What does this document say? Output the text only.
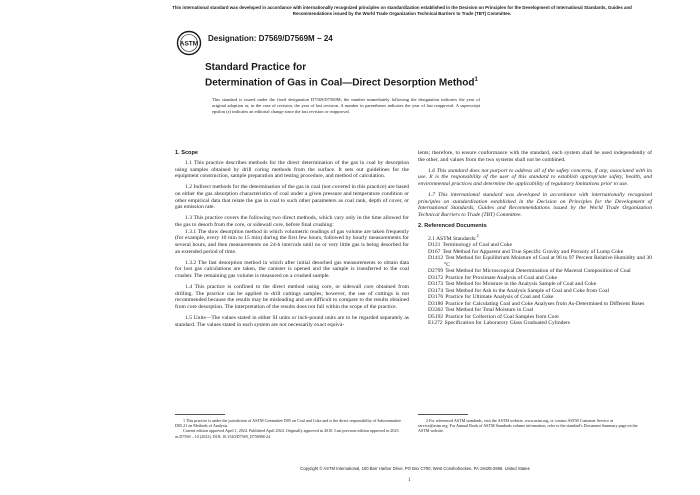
This international standard was developed in accordance with internationally recognized principles on standardization established in the Decision on Principles for the Development of International Standards, Guides and Recommendations issued by the World Trade Organization Technical Barriers to Trade (TBT) Committee.
ASTM
Designation: D7569/D7569M − 24
Standard Practice for
Determination of Gas in Coal—Direct Desorption Method$^1$
This standard is issued under the fixed designation D7569/D7569M; the number immediately following the designation indicates the year of original adoption or, in the case of revision, the year of last revision. A number in parentheses indicates the year of last reapproval. A superscript epsilon (ε) indicates an editorial change since the last revision or reapproval.
1. Scope

1.1 This practice describes methods for the direct determination of the gas in coal by desorption using samples obtained by drill coring methods from the surface. It sets out guidelines for the equipment construction, sample preparation and testing procedure, and method of calculation.

1.2 Indirect methods for the determination of the gas in coal (not covered in this practice) are based on either the gas absorption characteristics of coal under a given pressure and temperature condition or other empirical data that relate the gas in coal to such other parameters as coal rank, depth of cover, or gas emission rate.

1.3 This practice covers the following two direct methods, which vary only in the time allowed for the gas to desorb from the core, or sidewall core, before final crushing:

1.3.1 The slow desorption method in which volumetric readings of gas volume are taken frequently (for example, every 10 min to 15 min) during the first few hours, followed by hourly measurements for several hours, and then measurements on 24-h intervals until no or very little gas is being desorbed for an extended period of time.

1.3.2 The fast desorption method in which after initial desorbed gas measurements to obtain data for lost gas calculations are taken, the canister is opened and the sample is transferred to the coal crusher. The remaining gas volume is measured on a crushed sample.

1.4 This practice is confined to the direct method using core, or sidewall core obtained from drilling. The practice can be applied to drill cuttings samples; however, the use of cuttings is not recommended because the results may be misleading and are difficult to compare to the results obtained from core desorption. The interpretation of the results does not fall within the scope of the practice.

1.5 Units—The values stated in either SI units or inch-pound units are to be regarded separately as standard. The values stated in each system are not necessarily exact equiva-

lents; therefore, to ensure conformance with the standard, each system shall be used independently of the other, and values from the two systems shall not be combined.

1.6 This standard does not purport to address all of the safety concerns, if any, associated with its use. It is the responsibility of the user of this standard to establish appropriate safety, health, and environmental practices and determine the applicability of regulatory limitations prior to use.

1.7 This international standard was developed in accordance with internationally recognized principles on standardization established in the Decision on Principles for the Development of International Standards, Guides and Recommendations issued by the World Trade Organization Technical Barriers to Trade (TBT) Committee.

2. Referenced Documents

2.1 ASTM Standards:$^2$

D121 Terminology of Coal and Coke

D167 Test Method for Apparent and True Specific Gravity and Porosity of Lump Coke

D1412 Test Method for Equilibrium Moisture of Coal at 96 to 97 Percent Relative Humidity and 30 °C

D2799 Test Method for Microscopical Determination of the Maceral Composition of Coal

D3172 Practice for Proximate Analysis of Coal and Coke

D3173 Test Method for Moisture in the Analysis Sample of Coal and Coke

D3174 Test Method for Ash in the Analysis Sample of Coal and Coke from Coal

D3176 Practice for Ultimate Analysis of Coal and Coke

D3180 Practice for Calculating Coal and Coke Analyses from As-Determined to Different Bases

D3302 Test Method for Total Moisture in Coal

D5192 Practice for Collection of Coal Samples from Core

E1272 Specification for Laboratory Glass Graduated Cylinders

1 This practice is under the jurisdiction of ASTM Committee D05 on Coal and Coke and is the direct responsibility of Subcommittee D05.21 on Methods of Analysis.

Current edition approved April 1, 2024. Published April 2024. Originally approved in 2010. Last previous edition approved in 2023 as D7569 – 10 (2023). DOI: 10.1520/D7569_D7569M-24.

2 For referenced ASTM standards, visit the ASTM website, www.astm.org, or contact ASTM Customer Service at service@astm.org. For Annual Book of ASTM Standards volume information, refer to the standard's Document Summary page on the ASTM website.

Copyright © ASTM International, 100 Barr Harbor Drive, PO Box C700, West Conshohocken, PA 19428-2959. United States
1
